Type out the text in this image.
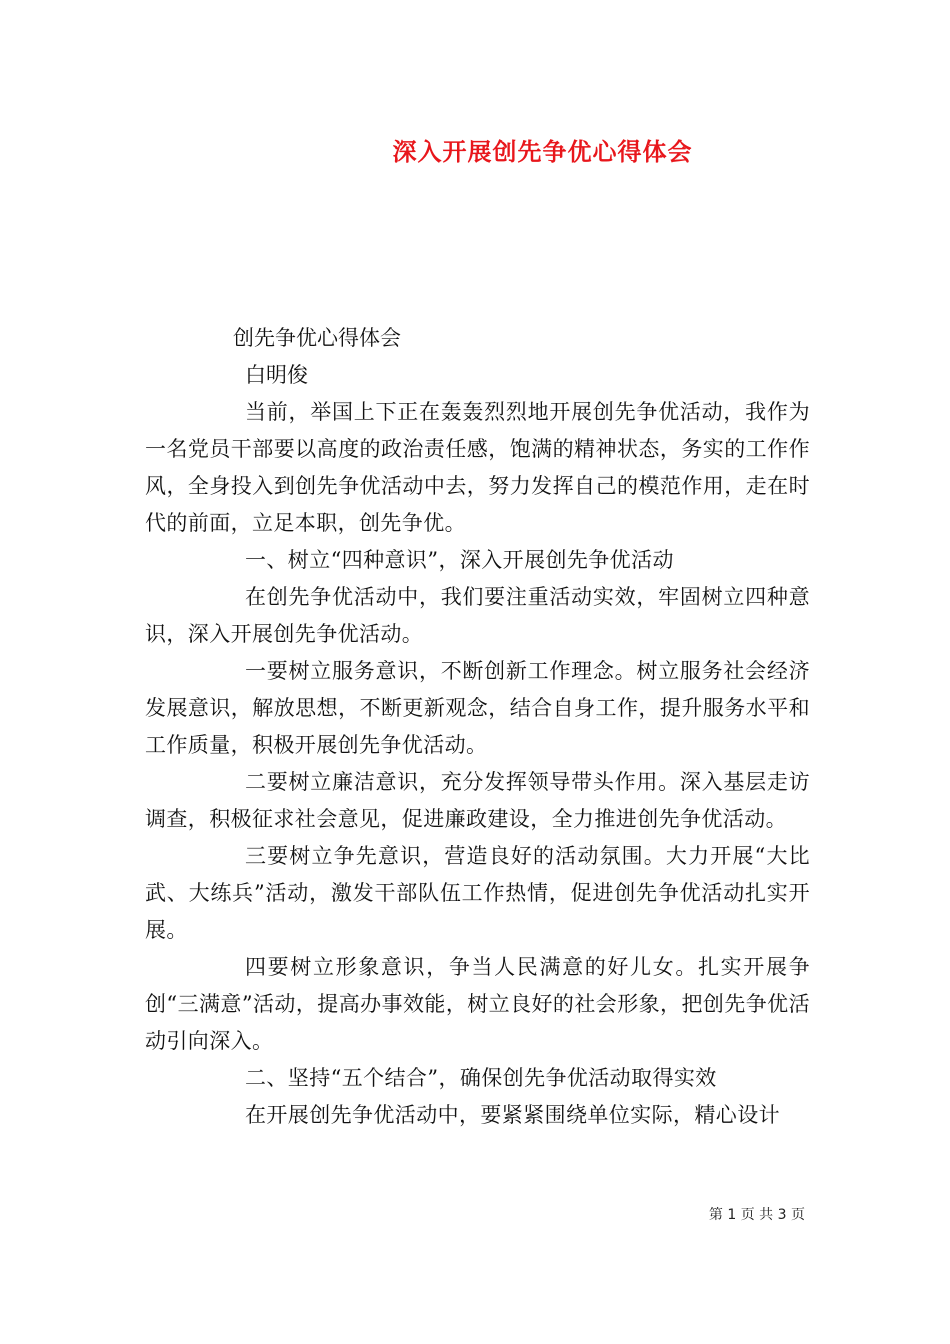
深入开展创先争优心得体会

创先争优心得体会

白明俊

当前，举国上下正在轰轰烈烈地开展创先争优活动，我作为一名党员干部要以高度的政治责任感，饱满的精神状态，务实的工作作风，全身投入到创先争优活动中去，努力发挥自己的模范作用，走在时代的前面，立足本职，创先争优。

一、树立“四种意识”，深入开展创先争优活动

在创先争优活动中，我们要注重活动实效，牢固树立四种意识，深入开展创先争优活动。

一要树立服务意识，不断创新工作理念。树立服务社会经济发展意识，解放思想，不断更新观念，结合自身工作，提升服务水平和工作质量，积极开展创先争优活动。

二要树立廉洁意识，充分发挥领导带头作用。深入基层走访调查，积极征求社会意见，促进廉政建设，全力推进创先争优活动。

三要树立争先意识，营造良好的活动氛围。大力开展“大比武、大练兵”活动，激发干部队伍工作热情，促进创先争优活动扎实开展。

四要树立形象意识，争当人民满意的好儿女。扎实开展争创“三满意”活动，提高办事效能，树立良好的社会形象，把创先争优活动引向深入。

二、坚持“五个结合”，确保创先争优活动取得实效

在开展创先争优活动中，要紧紧围绕单位实际，精心设计

第 1 页 共 3 页
